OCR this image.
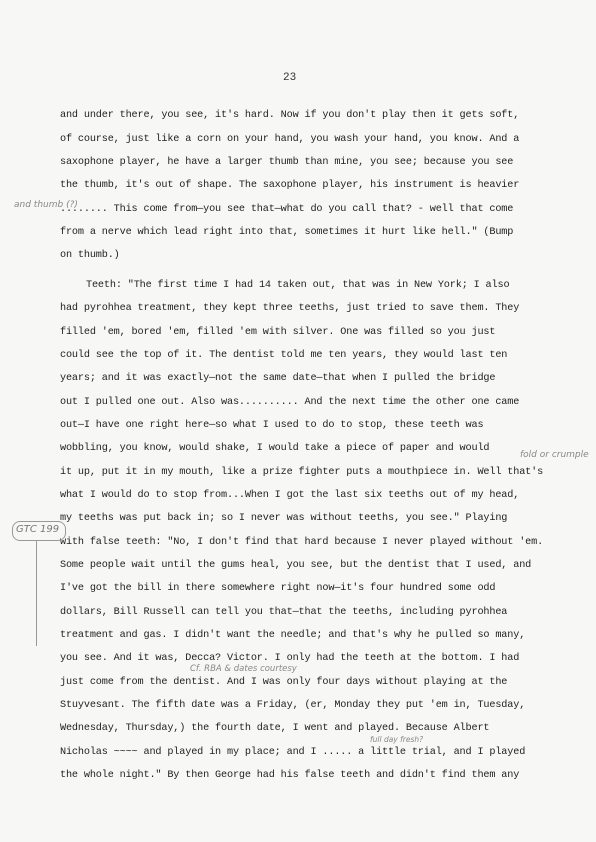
23
and under there, you see, it's hard. Now if you don't play then it gets soft,
of course, just like a corn on your hand, you wash your hand, you know. And a
saxophone player, he have a larger thumb than mine, you see; because you see
the thumb, it's out of shape. The saxophone player, his instrument is heavier
........ This come from—you see that—what do you call that? - well that come
from a nerve which lead right into that, sometimes it hurt like hell." (Bump
on thumb.)
Teeth: "The first time I had 14 taken out, that was in New York; I also
had pyrohhea treatment, they kept three teeths, just tried to save them. They
filled 'em, bored 'em, filled 'em with silver. One was filled so you just
could see the top of it. The dentist told me ten years, they would last ten
years; and it was exactly—not the same date—that when I pulled the bridge
out I pulled one out. Also was.......... And the next time the other one came
out—I have one right here—so what I used to do to stop, these teeth was
wobbling, you know, would shake, I would take a piece of paper and would
it up, put it in my mouth, like a prize fighter puts a mouthpiece in. Well that's
what I would do to stop from...When I got the last six teeths out of my head,
my teeths was put back in; so I never was without teeths, you see." Playing
with false teeth: "No, I don't find that hard because I never played without 'em.
Some people wait until the gums heal, you see, but the dentist that I used, and
I've got the bill in there somewhere right now—it's four hundred some odd
dollars, Bill Russell can tell you that—that the teeths, including pyrohhea
treatment and gas. I didn't want the needle; and that's why he pulled so many,
you see. And it was, Decca? Victor. I only had the teeth at the bottom. I had
just come from the dentist. And I was only four days without playing at the
Stuyvesant. The fifth date was a Friday, (er, Monday they put 'em in, Tuesday,
Wednesday, Thursday,) the fourth date, I went and played. Because Albert
Nicholas ~~~~ and played in my place; and I ..... a little trial, and I played
the whole night." By then George had his false teeth and didn't find them any
and thumb (?)
fold or crumple
GTC 199
Cf. RBA & dates courtesy
full day fresh?
